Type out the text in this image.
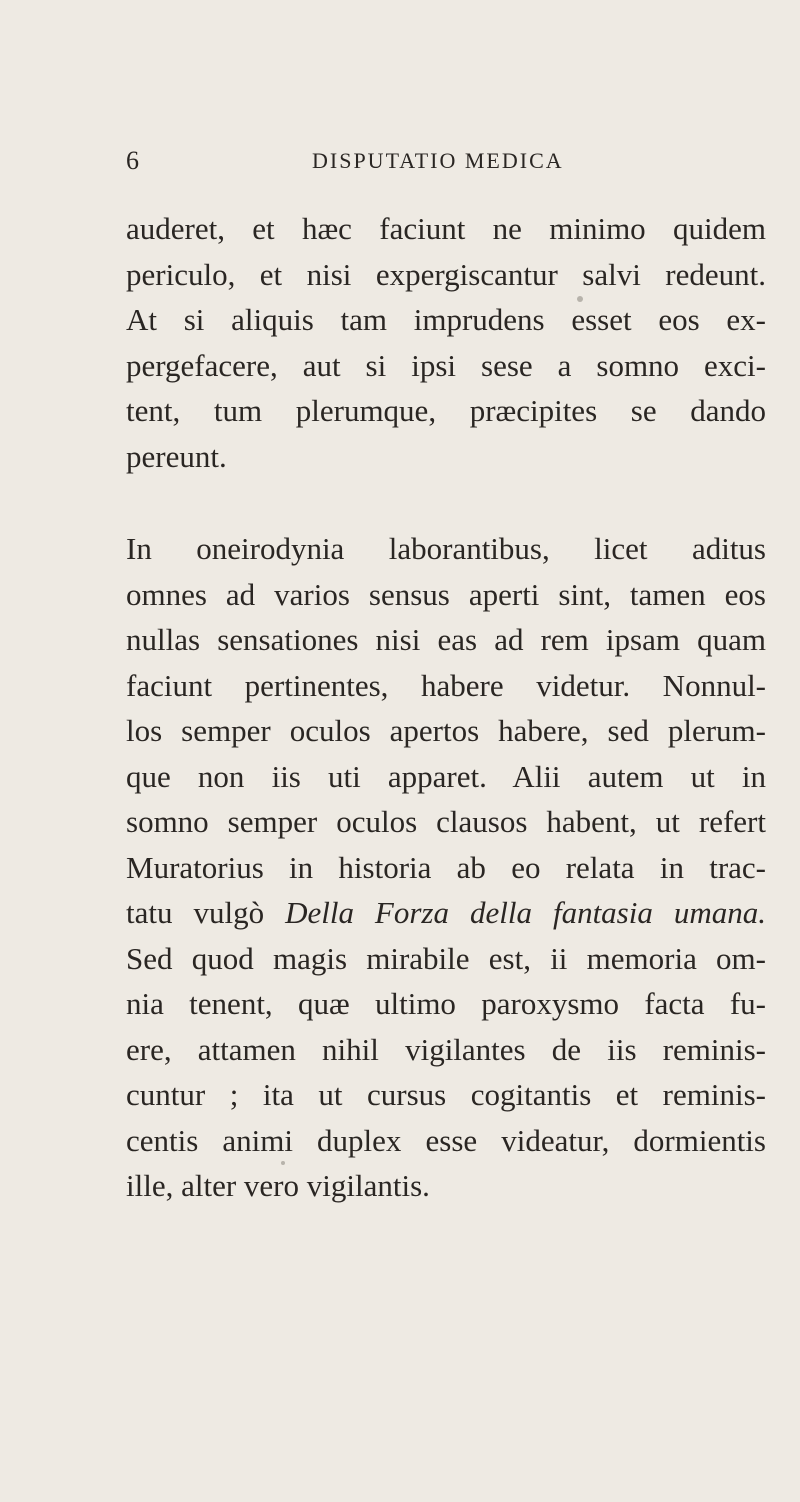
6	DISPUTATIO MEDICA
auderet, et hæc faciunt ne minimo quidem
periculo, et nisi expergiscantur salvi redeunt.
At si aliquis tam imprudens esset eos ex-
pergefacere, aut si ipsi sese a somno exci-
tent, tum plerumque, præcipites se dando
pereunt.
In oneirodynia laborantibus, licet aditus
omnes ad varios sensus aperti sint, tamen eos
nullas sensationes nisi eas ad rem ipsam quam
faciunt pertinentes, habere videtur. Nonnul-
los semper oculos apertos habere, sed plerum-
que non iis uti apparet. Alii autem ut in
somno semper oculos clausos habent, ut refert
Muratorius in historia ab eo relata in trac-
tatu vulgò Della Forza della fantasia umana.
Sed quod magis mirabile est, ii memoria om-
nia tenent, quæ ultimo paroxysmo facta fu-
ere, attamen nihil vigilantes de iis reminis-
cuntur ; ita ut cursus cogitantis et reminis-
centis animi duplex esse videatur, dormientis
ille, alter vero vigilantis.
